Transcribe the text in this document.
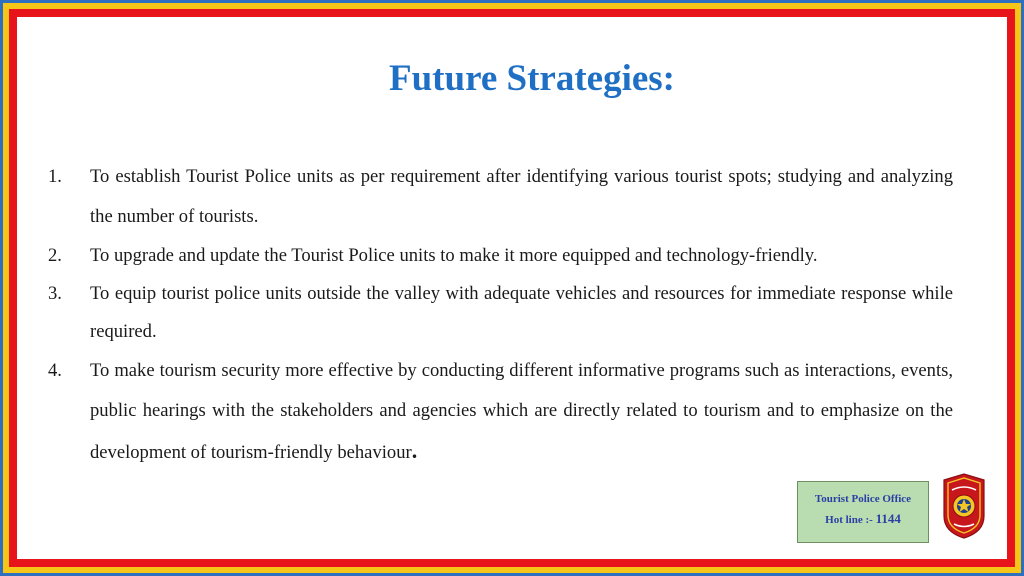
Future Strategies:
1.	To establish Tourist Police units as per requirement after identifying various tourist spots; studying and analyzing the number of tourists.
2.	To upgrade and update the Tourist Police units to make it more equipped and technology-friendly.
3.	To equip tourist police units outside the valley with adequate vehicles and resources for immediate response while required.
4.	To make tourism security more effective by conducting different informative programs such as interactions, events, public hearings with the stakeholders and agencies which are directly related to tourism and to emphasize on the development of tourism-friendly behaviour.
Tourist Police Office
Hot line :- 1144
